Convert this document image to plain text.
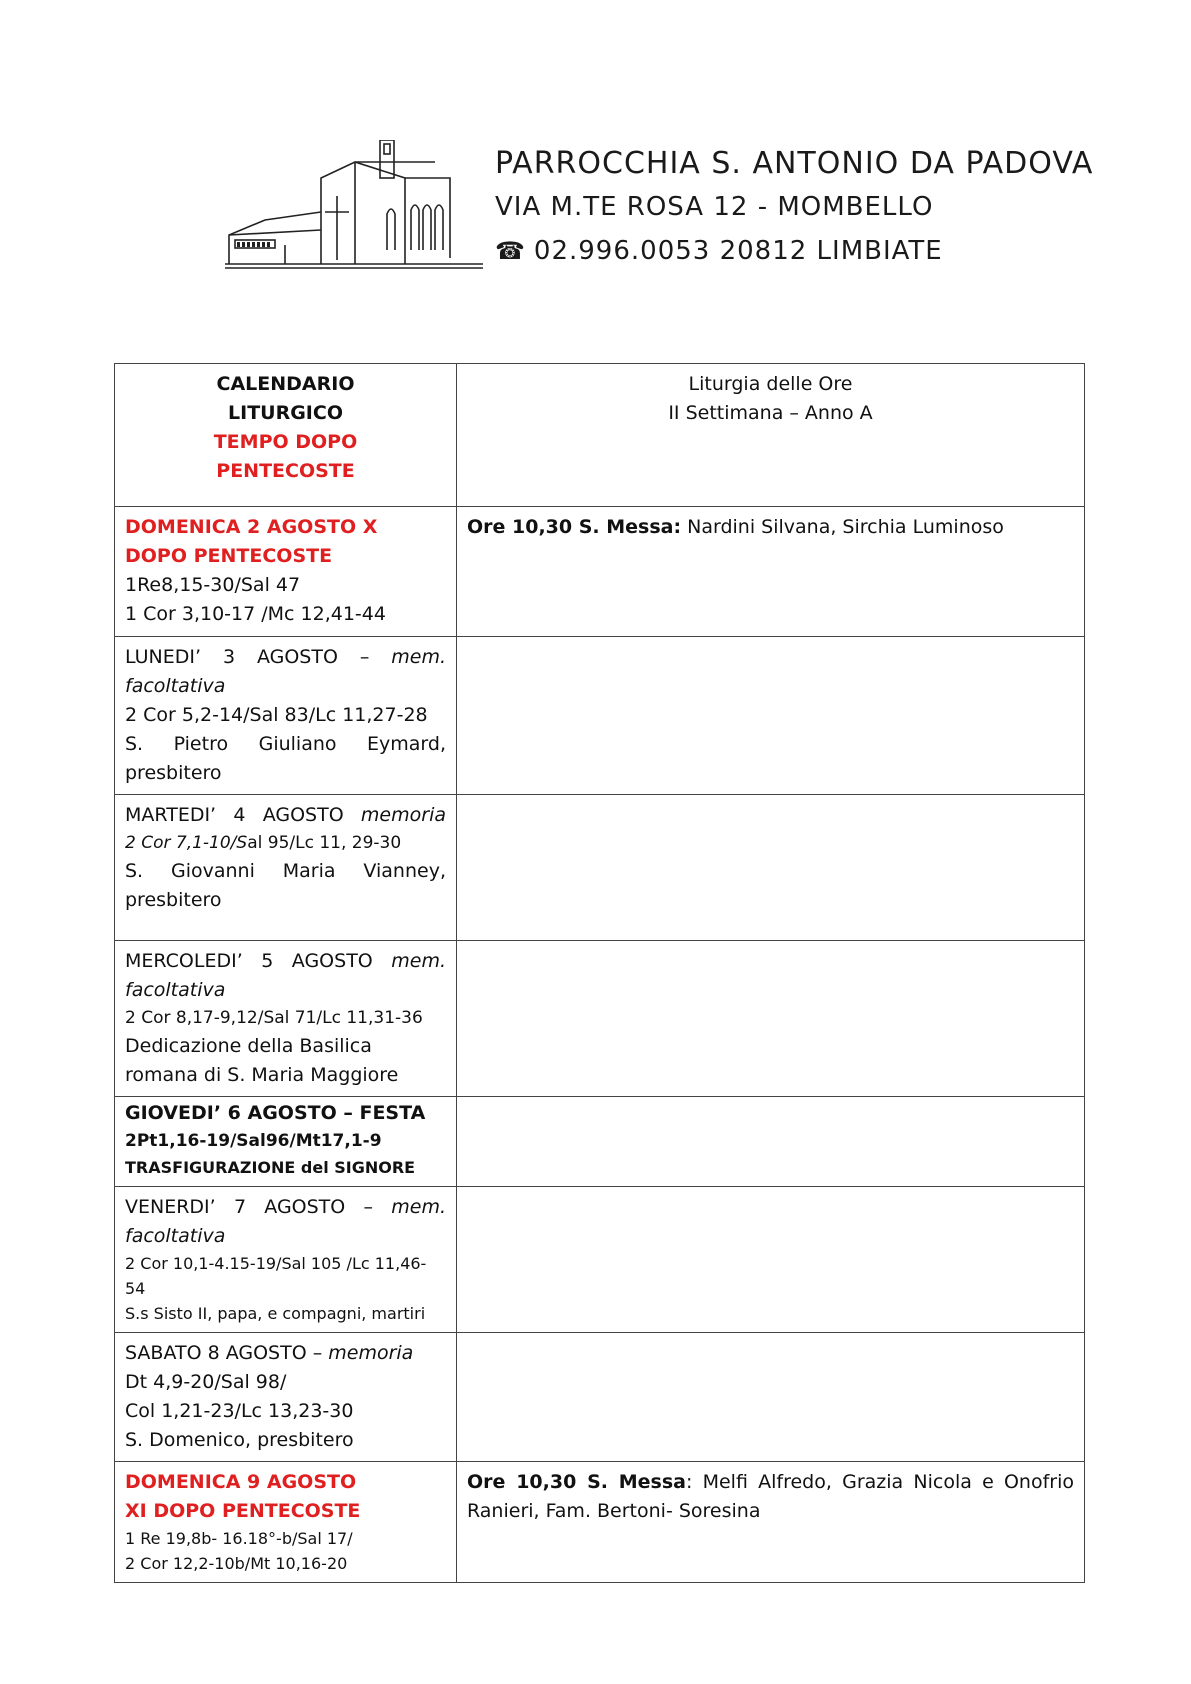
PARROCCHIA S. ANTONIO DA PADOVA
VIA M.TE ROSA 12 - MOMBELLO
☎ 02.996.0053 20812 LIMBIATE
CALENDARIO
LITURGICO
TEMPO DOPO
PENTECOSTE	Liturgia delle Ore
II Settimana – Anno A

DOMENICA 2 AGOSTO X
DOPO PENTECOSTE
1Re8,15-30/Sal 47
1 Cor 3,10-17 /Mc 12,41-44	Ore 10,30 S. Messa: Nardini Silvana, Sirchia Luminoso

LUNEDI’ 3 AGOSTO – mem.
facoltativa
2 Cor 5,2-14/Sal 83/Lc 11,27-28
S. Pietro Giuliano Eymard,
presbitero	

MARTEDI’ 4 AGOSTO memoria
2 Cor 7,1-10/Sal 95/Lc 11, 29-30
S. Giovanni Maria Vianney,
presbitero	

MERCOLEDI’ 5 AGOSTO mem.
facoltativa
2 Cor 8,17-9,12/Sal 71/Lc 11,31-36
Dedicazione della Basilica
romana di S. Maria Maggiore	

GIOVEDI’ 6 AGOSTO – FESTA
2Pt1,16-19/Sal96/Mt17,1-9
TRASFIGURAZIONE del SIGNORE	

VENERDI’ 7 AGOSTO – mem.
facoltativa
2 Cor 10,1-4.15-19/Sal 105 /Lc 11,46-54
S.s Sisto II, papa, e compagni, martiri	

SABATO 8 AGOSTO – memoria
Dt 4,9-20/Sal 98/
Col 1,21-23/Lc 13,23-30
S. Domenico, presbitero	

DOMENICA 9 AGOSTO
XI DOPO PENTECOSTE
1 Re 19,8b- 16.18°-b/Sal 17/
2 Cor 12,2-10b/Mt 10,16-20	Ore 10,30 S. Messa: Melfi Alfredo, Grazia Nicola e Onofrio Ranieri, Fam. Bertoni- Soresina
